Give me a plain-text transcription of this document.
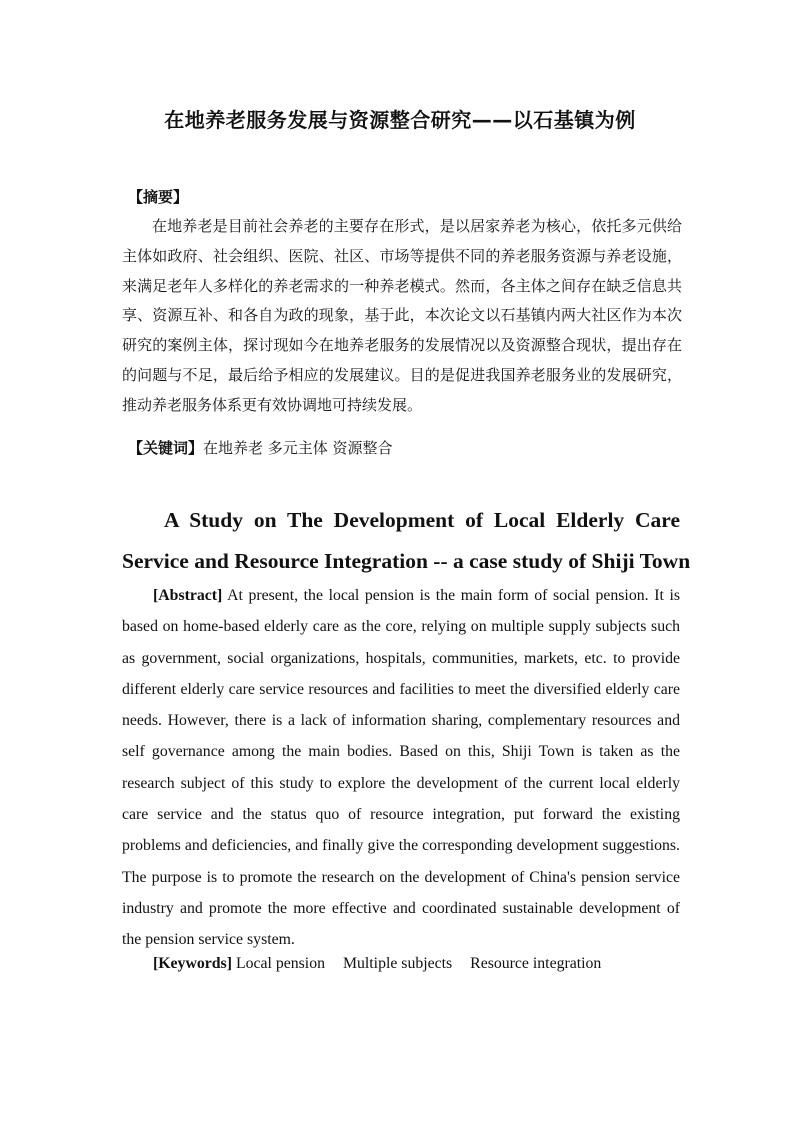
在地养老服务发展与资源整合研究——以石基镇为例
【摘要】

在地养老是目前社会养老的主要存在形式，是以居家养老为核心，依托多元供给主体如政府、社会组织、医院、社区、市场等提供不同的养老服务资源与养老设施，来满足老年人多样化的养老需求的一种养老模式。然而，各主体之间存在缺乏信息共享、资源互补、和各自为政的现象，基于此，本次论文以石基镇内两大社区作为本次研究的案例主体，探讨现如今在地养老服务的发展情况以及资源整合现状，提出存在的问题与不足，最后给予相应的发展建议。目的是促进我国养老服务业的发展研究，推动养老服务体系更有效协调地可持续发展。

【关键词】在地养老 多元主体 资源整合
A Study on The Development of Local Elderly Care
Service and Resource Integration -- a case study of Shiji Town

[Abstract] At present, the local pension is the main form of social pension. It is based on home-based elderly care as the core, relying on multiple supply subjects such as government, social organizations, hospitals, communities, markets, etc. to provide different elderly care service resources and facilities to meet the diversified elderly care needs. However, there is a lack of information sharing, complementary resources and self governance among the main bodies. Based on this, Shiji Town is taken as the research subject of this study to explore the development of the current local elderly care service and the status quo of resource integration, put forward the existing problems and deficiencies, and finally give the corresponding development suggestions. The purpose is to promote the research on the development of China's pension service industry and promote the more effective and coordinated sustainable development of the pension service system.

[Keywords] Local pension Multiple subjects Resource integration
